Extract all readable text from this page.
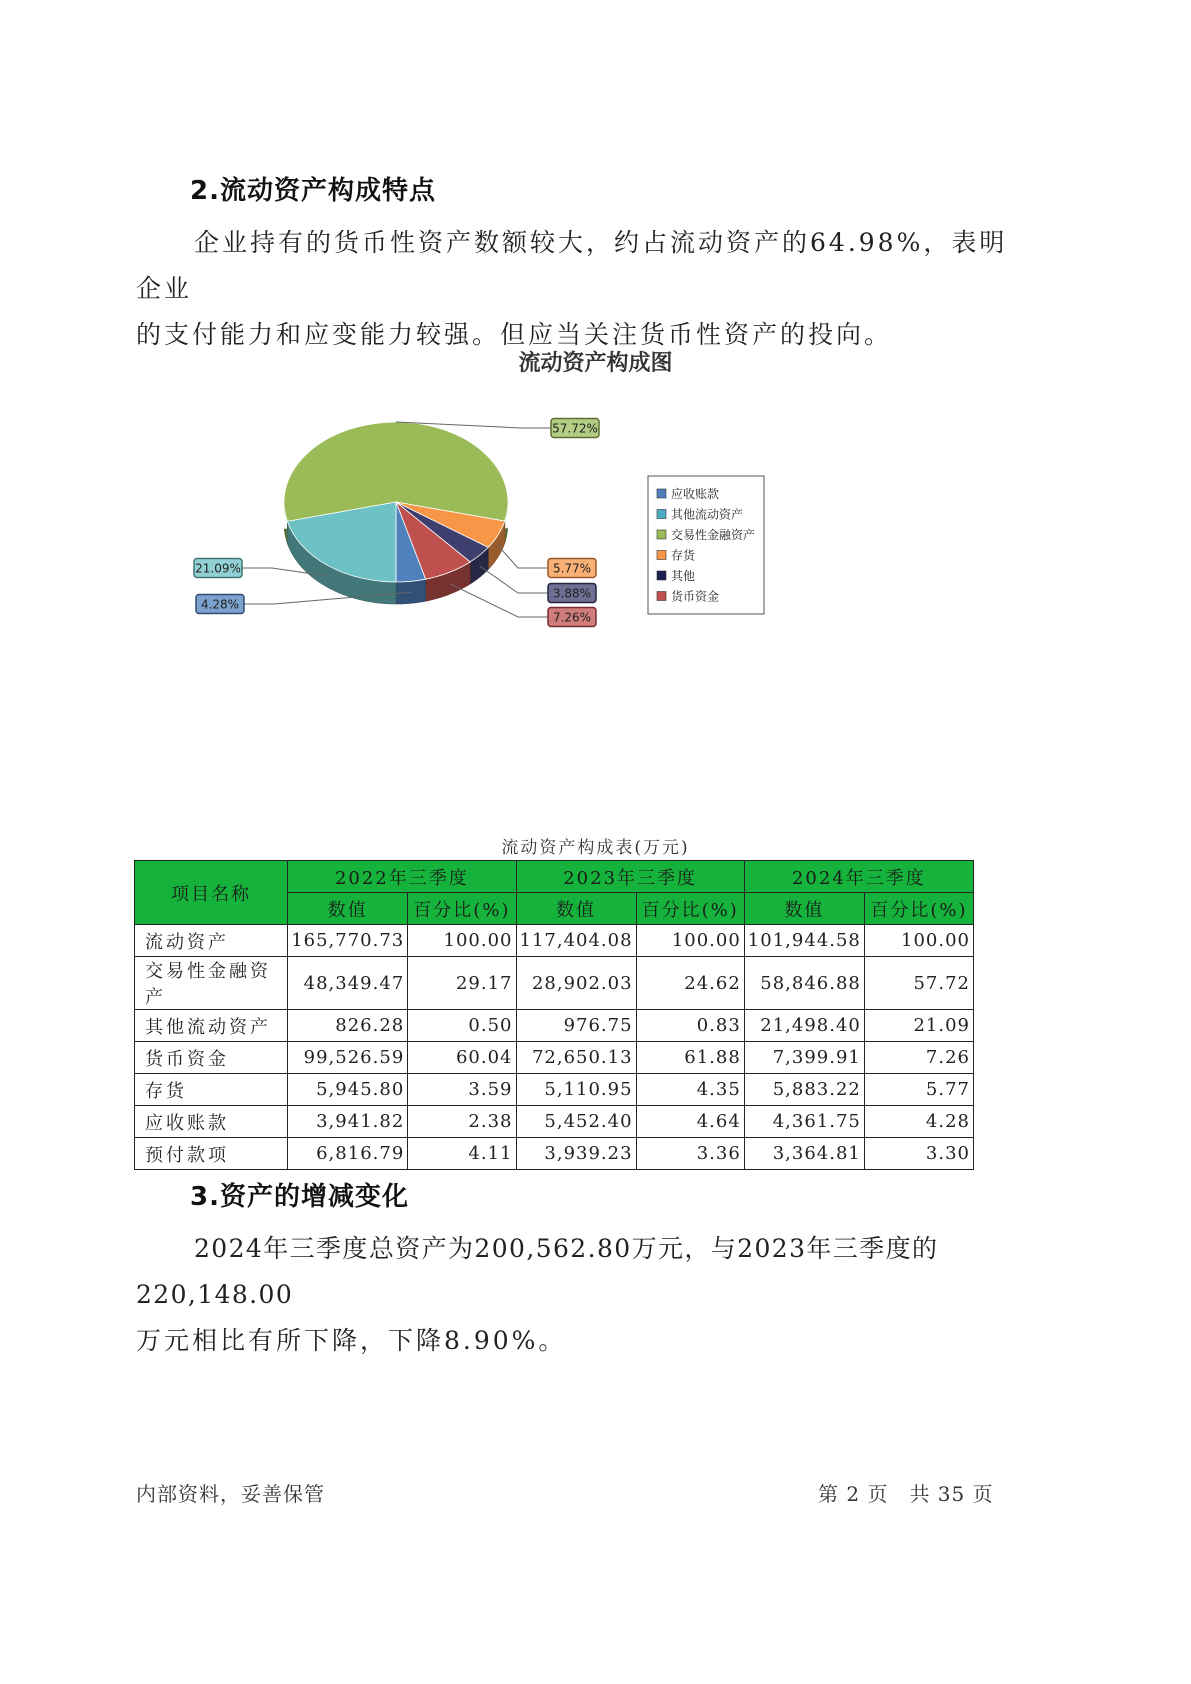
2.流动资产构成特点

企业持有的货币性资产数额较大，约占流动资产的64.98%，表明企业

的支付能力和应变能力较强。但应当关注货币性资产的投向。

流动资产构成图
57.72%
5.77%
3.88%
7.26%
4.28%
21.09%
应收账款
其他流动资产
交易性金融资产
存货
其他
货币资金
流动资产构成表(万元)
项目名称	2022年三季度		2023年三季度		2024年三季度	
	数值	百分比(%)	数值	百分比(%)	数值	百分比(%)
流动资产	165,770.73	100.00	117,404.08	100.00	101,944.58	100.00
交易性金融资产	48,349.47	29.17	28,902.03	24.62	58,846.88	57.72
其他流动资产	826.28	0.50	976.75	0.83	21,498.40	21.09
货币资金	99,526.59	60.04	72,650.13	61.88	7,399.91	7.26
存货	5,945.80	3.59	5,110.95	4.35	5,883.22	5.77
应收账款	3,941.82	2.38	5,452.40	4.64	4,361.75	4.28
预付款项	6,816.79	4.11	3,939.23	3.36	3,364.81	3.30
3.资产的增减变化

2024年三季度总资产为200,562.80万元，与2023年三季度的220,148.00

万元相比有所下降，下降8.90%。

内部资料，妥善保管	第 2 页　共 35 页
